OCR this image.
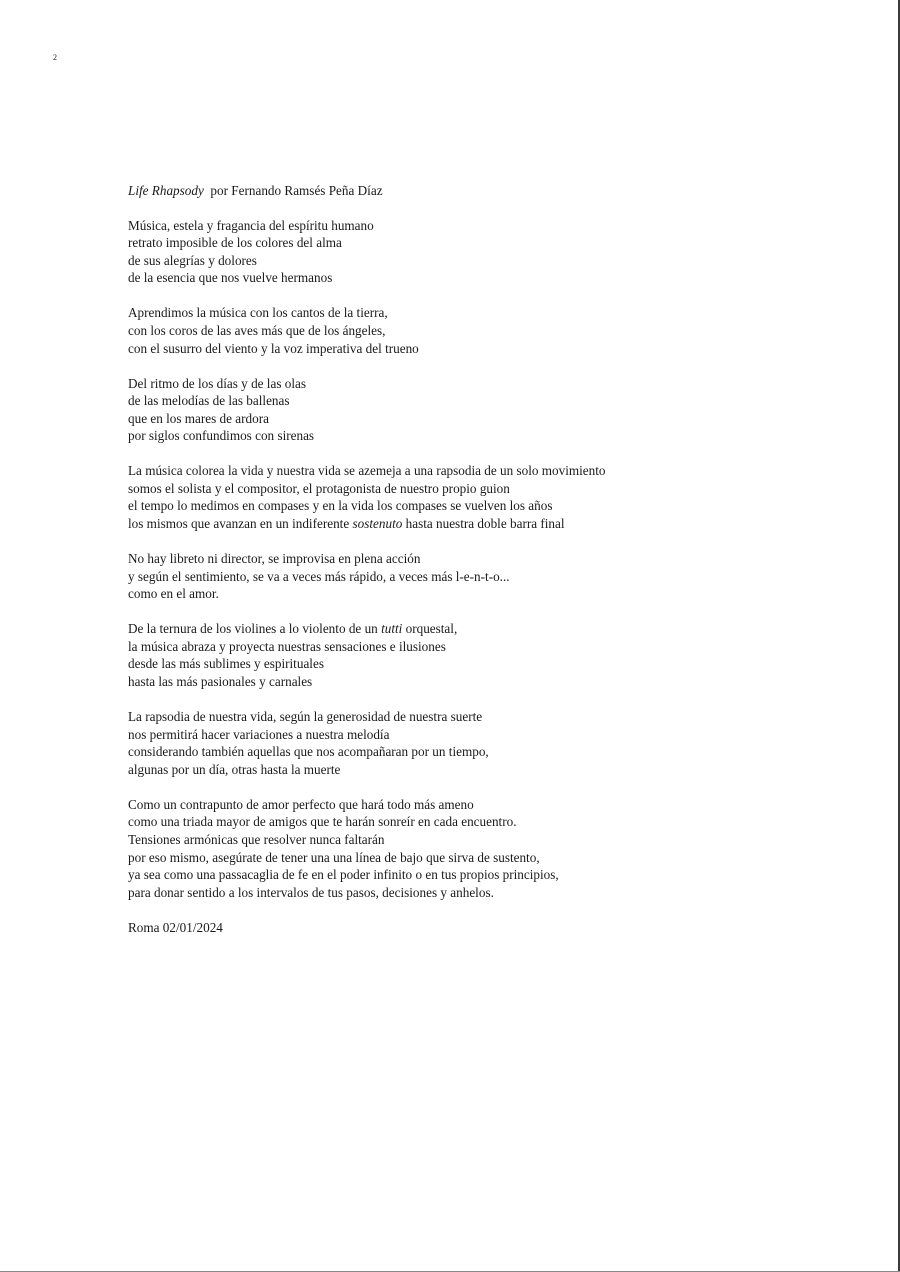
2
Life Rhapsody  por Fernando Ramsés Peña Díaz
Música, estela y fragancia del espíritu humano
retrato imposible de los colores del alma
de sus alegrías y dolores
de la esencia que nos vuelve hermanos
Aprendimos la música con los cantos de la tierra,
con los coros de las aves más que de los ángeles,
con el susurro del viento y la voz imperativa del trueno
Del ritmo de los días y de las olas
de las melodías de las ballenas
que en los mares de ardora
por siglos confundimos con sirenas
La música colorea la vida y nuestra vida se azemeja a una rapsodia de un solo movimiento
somos el solista y el compositor, el protagonista de nuestro propio guion
el tempo lo medimos en compases y en la vida los compases se vuelven los años
los mismos que avanzan en un indiferente sostenuto hasta nuestra doble barra final
No hay libreto ni director, se improvisa en plena acción
y según el sentimiento, se va a veces más rápido, a veces más l-e-n-t-o...
como en el amor.
De la ternura de los violines a lo violento de un tutti orquestal,
la música abraza y proyecta nuestras sensaciones e ilusiones
desde las más sublimes y espirituales
hasta las más pasionales y carnales
La rapsodia de nuestra vida, según la generosidad de nuestra suerte
nos permitirá hacer variaciones a nuestra melodía
considerando también aquellas que nos acompañaran por un tiempo,
algunas por un día, otras hasta la muerte
Como un contrapunto de amor perfecto que hará todo más ameno
como una triada mayor de amigos que te harán sonreír en cada encuentro.
Tensiones armónicas que resolver nunca faltarán
por eso mismo, asegúrate de tener una una línea de bajo que sirva de sustento,
ya sea como una passacaglia de fe en el poder infinito o en tus propios principios,
para donar sentido a los intervalos de tus pasos, decisiones y anhelos.
Roma 02/01/2024
